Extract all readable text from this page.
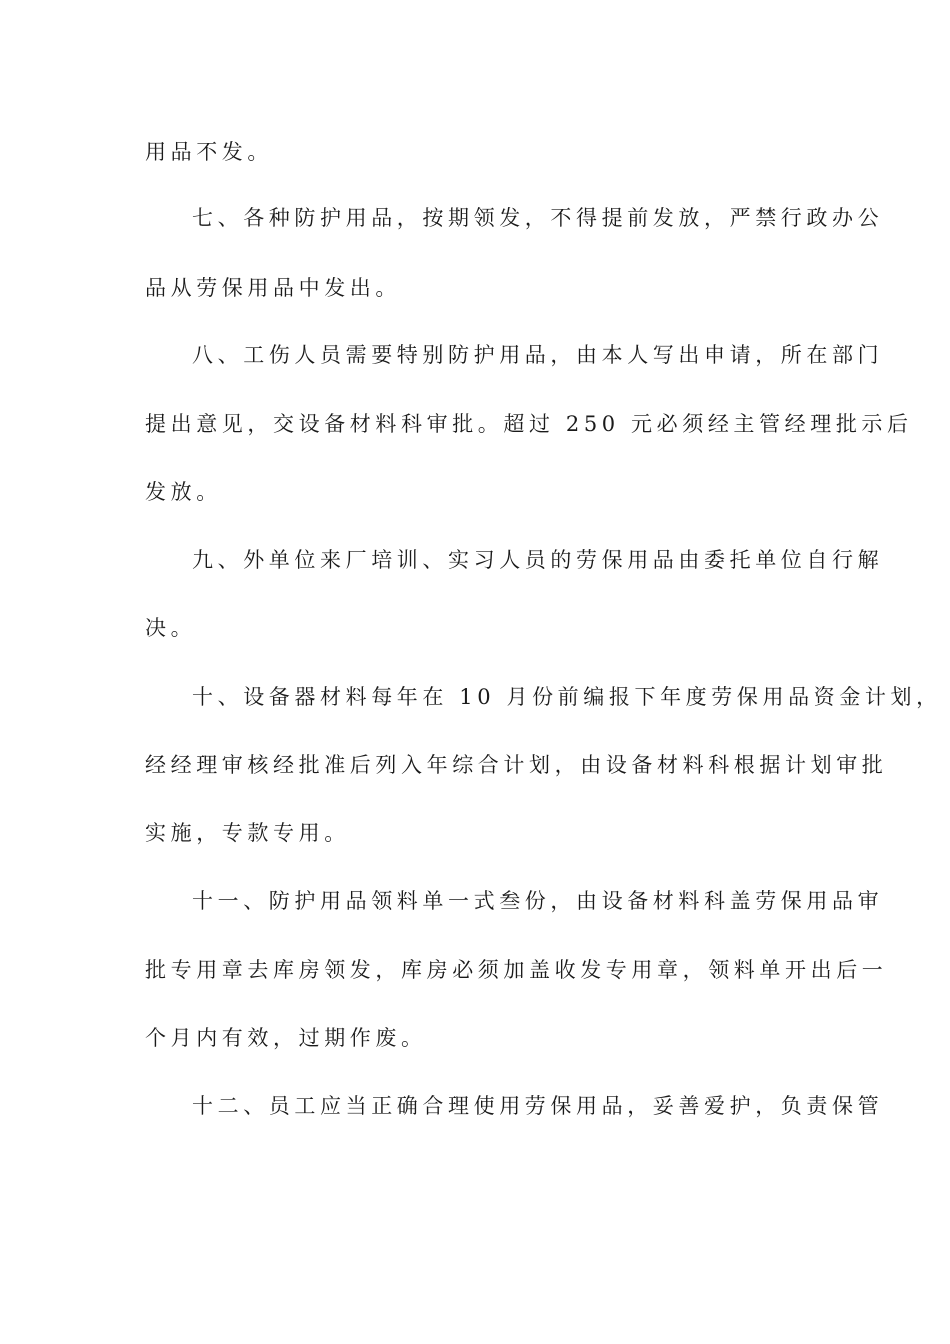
用品不发。
七、各种防护用品，按期领发，不得提前发放，严禁行政办公
品从劳保用品中发出。
八、工伤人员需要特别防护用品，由本人写出申请，所在部门
提出意见，交设备材料科审批。超过 250 元必须经主管经理批示后
发放。
九、外单位来厂培训、实习人员的劳保用品由委托单位自行解
决。
十、设备器材料每年在 10 月份前编报下年度劳保用品资金计划，
经经理审核经批准后列入年综合计划，由设备材料科根据计划审批
实施，专款专用。
十一、防护用品领料单一式叁份，由设备材料科盖劳保用品审
批专用章去库房领发，库房必须加盖收发专用章，领料单开出后一
个月内有效，过期作废。
十二、员工应当正确合理使用劳保用品，妥善爱护，负责保管
